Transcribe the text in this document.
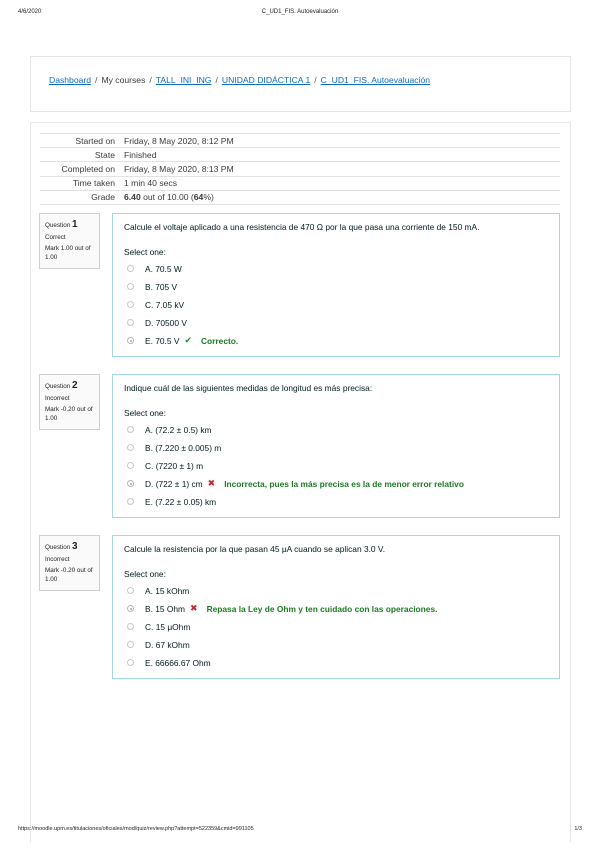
4/6/2020	C_UD1_FIS. Autoevaluación
Dashboard / My courses / TALL_INI_ING / UNIDAD DIDÁCTICA 1 / C_UD1_FIS. Autoevaluación
Started on	Friday, 8 May 2020, 8:12 PM
State	Finished
Completed on	Friday, 8 May 2020, 8:13 PM
Time taken	1 min 40 secs
Grade	6.40 out of 10.00 (64%)
Question 1
Correct
Mark 1.00 out of 1.00
Calcule el voltaje aplicado a una resistencia de 470 Ω por la que pasa una corriente de 150 mA.
Select one:
A. 70.5 W
B. 705 V
C. 7.05 kV
D. 70500 V
E. 70.5 V ✔ Correcto.
Question 2
Incorrect
Mark -0.20 out of 1.00
Indique cuál de las siguientes medidas de longitud es más precisa:
Select one:
A. (72.2 ± 0.5) km
B. (7.220 ± 0.005) m
C. (7220 ± 1) m
D. (722 ± 1) cm ✖ Incorrecta, pues la más precisa es la de menor error relativo
E. (7.22 ± 0.05) km
Question 3
Incorrect
Mark -0.20 out of 1.00
Calcule la resistencia por la que pasan 45 μA cuando se aplican 3.0 V.
Select one:
A. 15 kOhm
B. 15 Ohm ✖ Repasa la Ley de Ohm y ten cuidado con las operaciones.
C. 15 μOhm
D. 67 kOhm
E. 66666.67 Ohm
https://moodle.upm.es/titulaciones/oficiales/mod/quiz/review.php?attempt=522359&cmid=991105	1/3
